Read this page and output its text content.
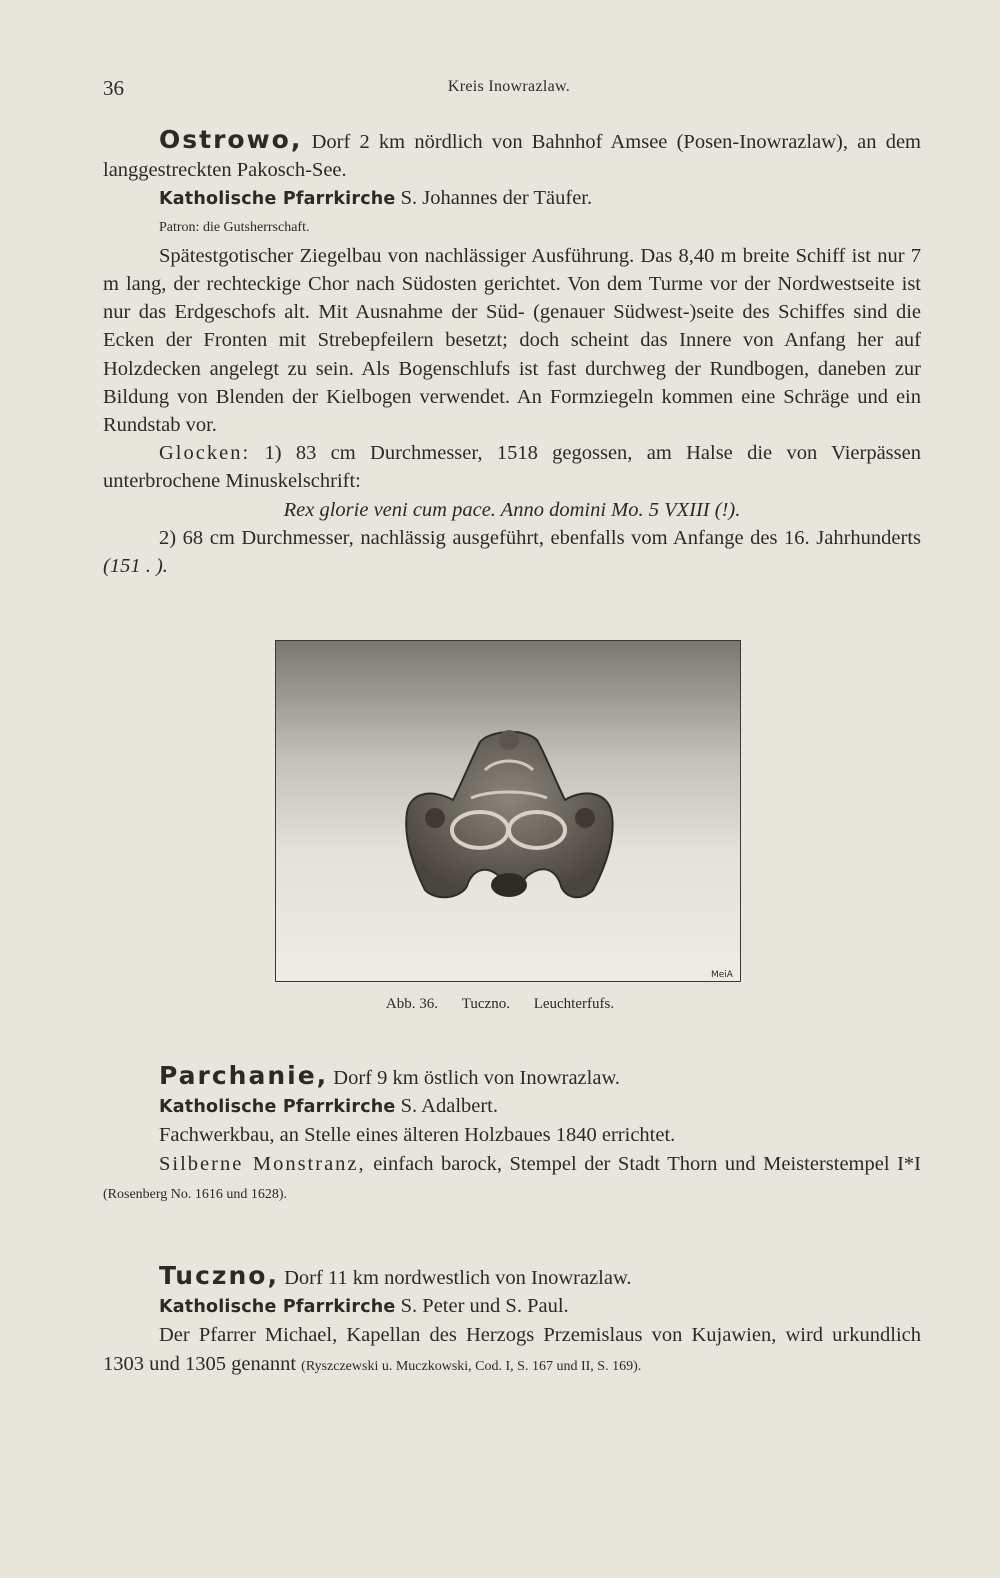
36	Kreis Inowrazlaw.

Ostrowo, Dorf 2 km nördlich von Bahnhof Amsee (Posen-Inowrazlaw), an dem langgestreckten Pakosch-See.

Katholische Pfarrkirche S. Johannes der Täufer.

Patron: die Gutsherrschaft.

Spätestgotischer Ziegelbau von nachlässiger Ausführung. Das 8,40 m breite Schiff ist nur 7 m lang, der rechteckige Chor nach Südosten gerichtet. Von dem Turme vor der Nordwestseite ist nur das Erdgeschofs alt. Mit Ausnahme der Süd- (genauer Südwest-)seite des Schiffes sind die Ecken der Fronten mit Strebepfeilern besetzt; doch scheint das Innere von Anfang her auf Holzdecken angelegt zu sein. Als Bogenschlufs ist fast durchweg der Rundbogen, daneben zur Bildung von Blenden der Kielbogen verwendet. An Formziegeln kommen eine Schräge und ein Rundstab vor.

Glocken: 1) 83 cm Durchmesser, 1518 gegossen, am Halse die von Vierpässen unterbrochene Minuskelschrift:

Rex glorie veni cum pace. Anno domini Mo. 5 VXIII (!).

2) 68 cm Durchmesser, nachlässig ausgeführt, ebenfalls vom Anfange des 16. Jahrhunderts (151 . ).

MeiA
Abb. 36. Tuczno. Leuchterfufs.

Parchanie, Dorf 9 km östlich von Inowrazlaw.

Katholische Pfarrkirche S. Adalbert.

Fachwerkbau, an Stelle eines älteren Holzbaues 1840 errichtet.

Silberne Monstranz, einfach barock, Stempel der Stadt Thorn und Meisterstempel I*I (Rosenberg No. 1616 und 1628).

Tuczno, Dorf 11 km nordwestlich von Inowrazlaw.

Katholische Pfarrkirche S. Peter und S. Paul.

Der Pfarrer Michael, Kapellan des Herzogs Przemislaus von Kujawien, wird urkundlich 1303 und 1305 genannt (Ryszczewski u. Muczkowski, Cod. I, S. 167 und II, S. 169).
